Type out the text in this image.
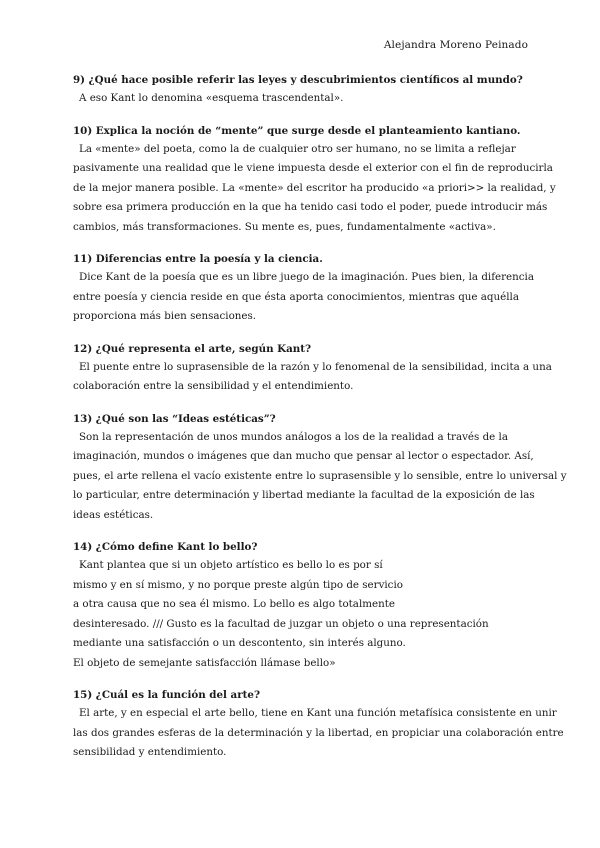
Alejandra Moreno Peinado
9) ¿Qué hace posible referir las leyes y descubrimientos científicos al mundo?
A eso Kant lo denomina «esquema trascendental».
10) Explica la noción de “mente” que surge desde el planteamiento kantiano.
La «mente» del poeta, como la de cualquier otro ser humano, no se limita a reflejar
pasivamente una realidad que le viene impuesta desde el exterior con el fin de reproducirla
de la mejor manera posible. La «mente» del escritor ha producido «a priori>> la realidad, y
sobre esa primera producción en la que ha tenido casi todo el poder, puede introducir más
cambios, más transformaciones. Su mente es, pues, fundamentalmente «activa».
11) Diferencias entre la poesía y la ciencia.
Dice Kant de la poesía que es un libre juego de la imaginación. Pues bien, la diferencia
entre poesía y ciencia reside en que ésta aporta conocimientos, mientras que aquélla
proporciona más bien sensaciones.
12) ¿Qué representa el arte, según Kant?
El puente entre lo suprasensible de la razón y lo fenomenal de la sensibilidad, incita a una
colaboración entre la sensibilidad y el entendimiento.
13) ¿Qué son las “Ideas estéticas”?
Son la representación de unos mundos análogos a los de la realidad a través de la
imaginación, mundos o imágenes que dan mucho que pensar al lector o espectador. Así,
pues, el arte rellena el vacío existente entre lo suprasensible y lo sensible, entre lo universal y
lo particular, entre determinación y libertad mediante la facultad de la exposición de las
ideas estéticas.
14) ¿Cómo define Kant lo bello?
Kant plantea que si un objeto artístico es bello lo es por sí
mismo y en sí mismo, y no porque preste algún tipo de servicio
a otra causa que no sea él mismo. Lo bello es algo totalmente
desinteresado. /// Gusto es la facultad de juzgar un objeto o una representación
mediante una satisfacción o un descontento, sin interés alguno.
El objeto de semejante satisfacción llámase bello»
15) ¿Cuál es la función del arte?
El arte, y en especial el arte bello, tiene en Kant una función metafísica consistente en unir
las dos grandes esferas de la determinación y la libertad, en propiciar una colaboración entre
sensibilidad y entendimiento.
